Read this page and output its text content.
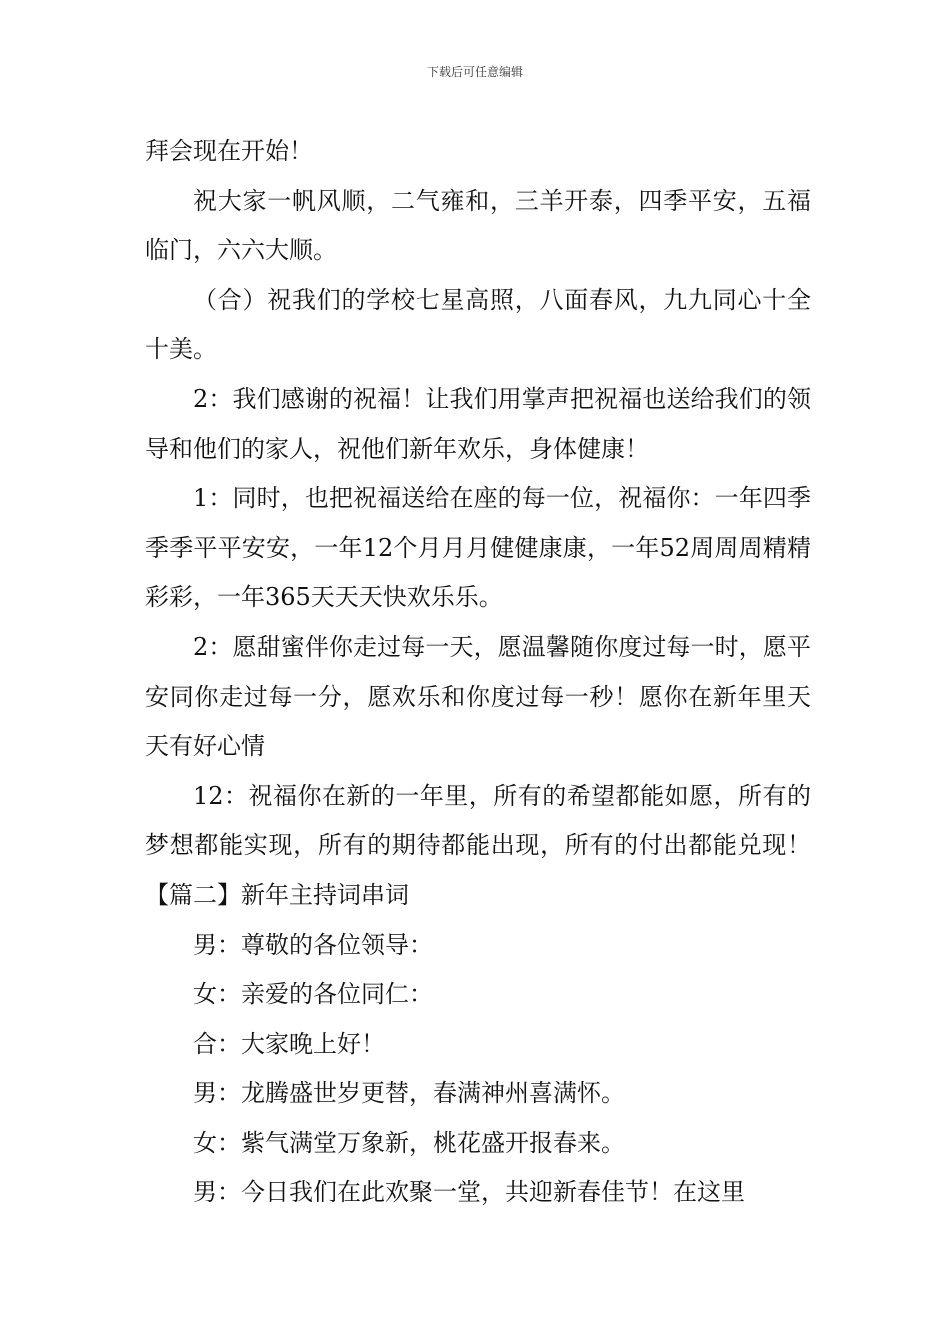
下载后可任意编辑

拜会现在开始！

祝大家一帆风顺，二气雍和，三羊开泰，四季平安，五福临门，六六大顺。

（合）祝我们的学校七星高照，八面春风，九九同心十全十美。

2：我们感谢的祝福！让我们用掌声把祝福也送给我们的领导和他们的家人，祝他们新年欢乐，身体健康！

1：同时，也把祝福送给在座的每一位，祝福你：一年四季季季平平安安，一年12个月月月健健康康，一年52周周周精精彩彩，一年365天天天快欢乐乐。

2：愿甜蜜伴你走过每一天，愿温馨随你度过每一时，愿平安同你走过每一分，愿欢乐和你度过每一秒！愿你在新年里天天有好心情

12：祝福你在新的一年里，所有的希望都能如愿，所有的梦想都能实现，所有的期待都能出现，所有的付出都能兑现！【篇二】新年主持词串词

男：尊敬的各位领导：

女：亲爱的各位同仁：

合：大家晚上好！

男：龙腾盛世岁更替，春满神州喜满怀。

女：紫气满堂万象新，桃花盛开报春来。

男：今日我们在此欢聚一堂，共迎新春佳节！在这里
